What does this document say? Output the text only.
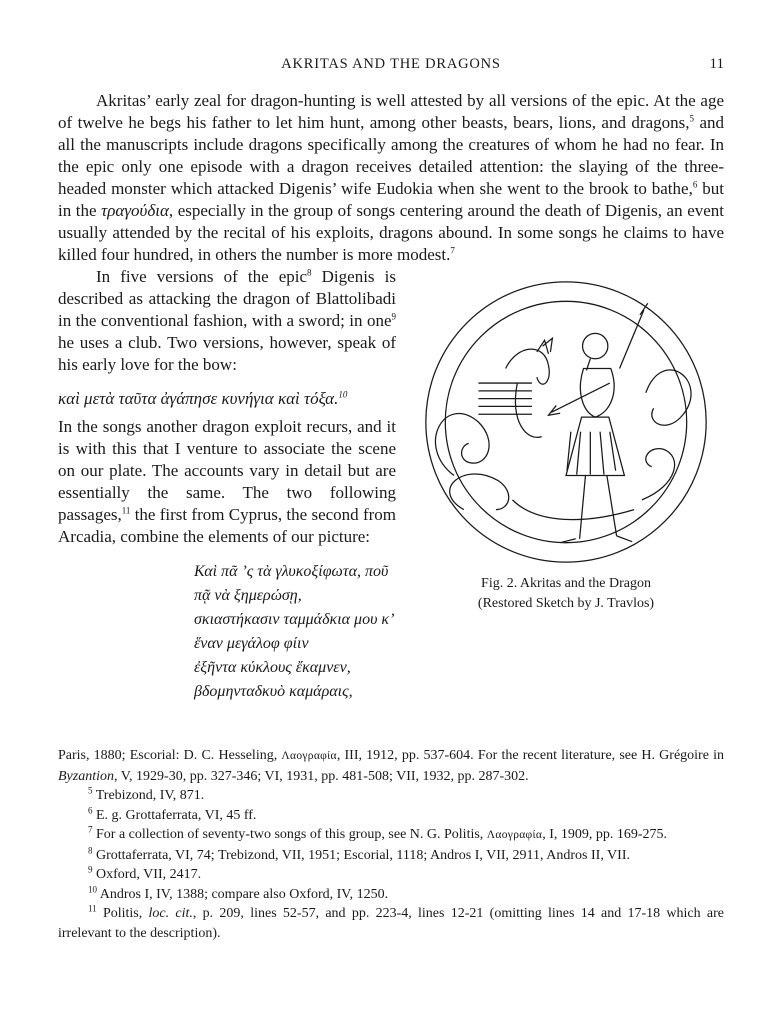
AKRITAS AND THE DRAGONS	11

Akritas’ early zeal for dragon-hunting is well attested by all versions of the epic. At the age of twelve he begs his father to let him hunt, among other beasts, bears, lions, and dragons,$^5$ and all the manuscripts include dragons specifically among the creatures of whom he had no fear. In the epic only one episode with a dragon receives detailed attention: the slaying of the three-headed monster which attacked Digenis’ wife Eudokia when she went to the brook to bathe,$^6$ but in the τραγούδια, especially in the group of songs centering around the death of Digenis, an event usually attended by the recital of his exploits, dragons abound. In some songs he claims to have killed four hundred, in others the number is more modest.$^7$

Fig. 2. Akritas and the Dragon
(Restored Sketch by J. Travlos)

In five versions of the epic$^8$ Digenis is described as attacking the dragon of Blattolibadi in the conventional fashion, with a sword; in one$^9$ he uses a club. Two versions, however, speak of his early love for the bow:

καὶ μετὰ ταῦτα ἀγάπησε κυνήγια καὶ τόξα.$^{10}$

In the songs another dragon exploit recurs, and it is with this that I venture to associate the scene on our plate. The accounts vary in detail but are essentially the same. The two following passages,$^{11}$ the first from Cyprus, the second from Arcadia, combine the elements of our picture:

Καὶ πᾶ ’ς τὰ γλυκοξίφωτα, ποῦ πᾷ νὰ ξημερώσῃ,
σκιαστήκασιν ταμμάδκια μου κ’ ἕναν μεγάλοφ φίιν
ἐξῆντα κύκλους ἔκαμνεν, βδομηνταδκυὸ καμάραις,

Paris, 1880; Escorial: D. C. Hesseling, Λαογραφία, III, 1912, pp. 537-604. For the recent literature, see H. Grégoire in Byzantion, V, 1929-30, pp. 327-346; VI, 1931, pp. 481-508; VII, 1932, pp. 287-302.

$^5$ Trebizond, IV, 871.

$^6$ E. g. Grottaferrata, VI, 45 ff.

$^7$ For a collection of seventy-two songs of this group, see N. G. Politis, Λαογραφία, I, 1909, pp. 169-275.

$^8$ Grottaferrata, VI, 74; Trebizond, VII, 1951; Escorial, 1118; Andros I, VII, 2911, Andros II, VII.

$^9$ Oxford, VII, 2417.

$^{10}$ Andros I, IV, 1388; compare also Oxford, IV, 1250.

$^{11}$ Politis, loc. cit., p. 209, lines 52-57, and pp. 223-4, lines 12-21 (omitting lines 14 and 17-18 which are irrelevant to the description).
